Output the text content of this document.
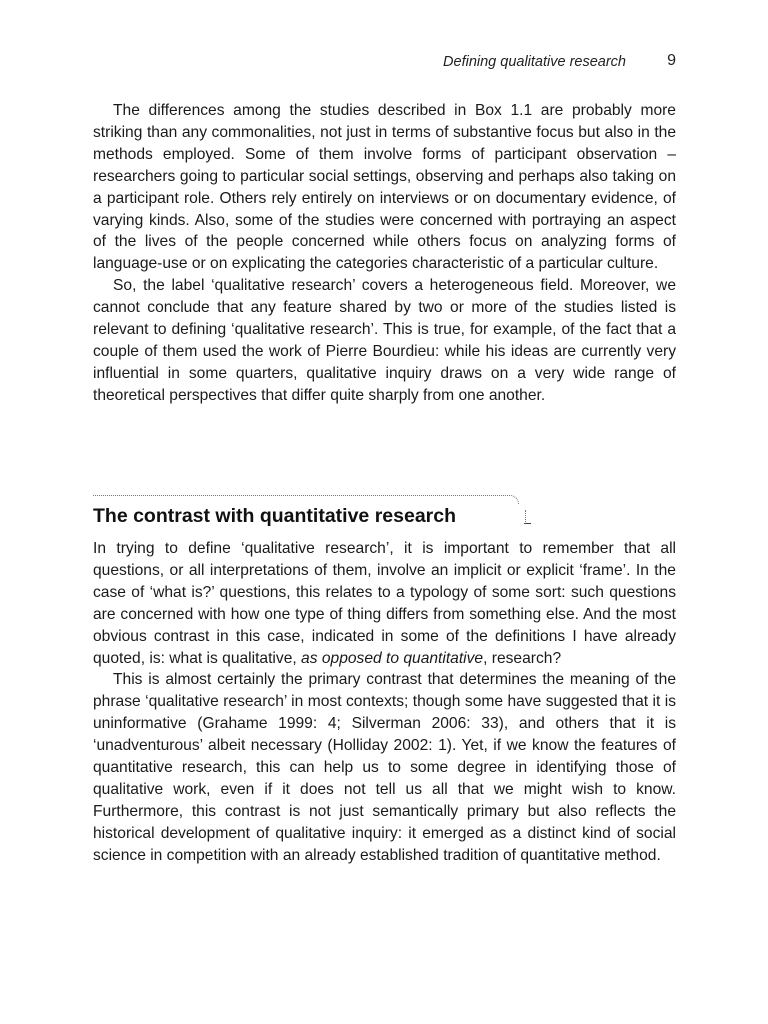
Defining qualitative research	9

The differences among the studies described in Box 1.1 are probably more striking than any commonalities, not just in terms of substantive focus but also in the methods employed. Some of them involve forms of participant observation – researchers going to particular social settings, observing and perhaps also taking on a participant role. Others rely entirely on interviews or on documentary evidence, of varying kinds. Also, some of the studies were concerned with portraying an aspect of the lives of the people concerned while others focus on analyzing forms of language-use or on explicating the categories characteristic of a particular culture.

So, the label ‘qualitative research’ covers a heterogeneous field. Moreover, we cannot conclude that any feature shared by two or more of the studies listed is relevant to defining ‘qualitative research’. This is true, for example, of the fact that a couple of them used the work of Pierre Bourdieu: while his ideas are currently very influential in some quarters, qualitative inquiry draws on a very wide range of theoretical perspectives that differ quite sharply from one another.

The contrast with quantitative research

In trying to define ‘qualitative research’, it is important to remember that all questions, or all interpretations of them, involve an implicit or explicit ‘frame’. In the case of ‘what is?’ questions, this relates to a typology of some sort: such questions are concerned with how one type of thing differs from something else. And the most obvious contrast in this case, indicated in some of the definitions I have already quoted, is: what is qualitative, as opposed to quantitative, research?

This is almost certainly the primary contrast that determines the meaning of the phrase ‘qualitative research’ in most contexts; though some have suggested that it is uninformative (Grahame 1999: 4; Silverman 2006: 33), and others that it is ‘unadventurous’ albeit necessary (Holliday 2002: 1). Yet, if we know the features of quantitative research, this can help us to some degree in identifying those of qualitative work, even if it does not tell us all that we might wish to know. Furthermore, this contrast is not just semantically primary but also reflects the historical development of qualitative inquiry: it emerged as a distinct kind of social science in competition with an already established tradition of quantitative method.
